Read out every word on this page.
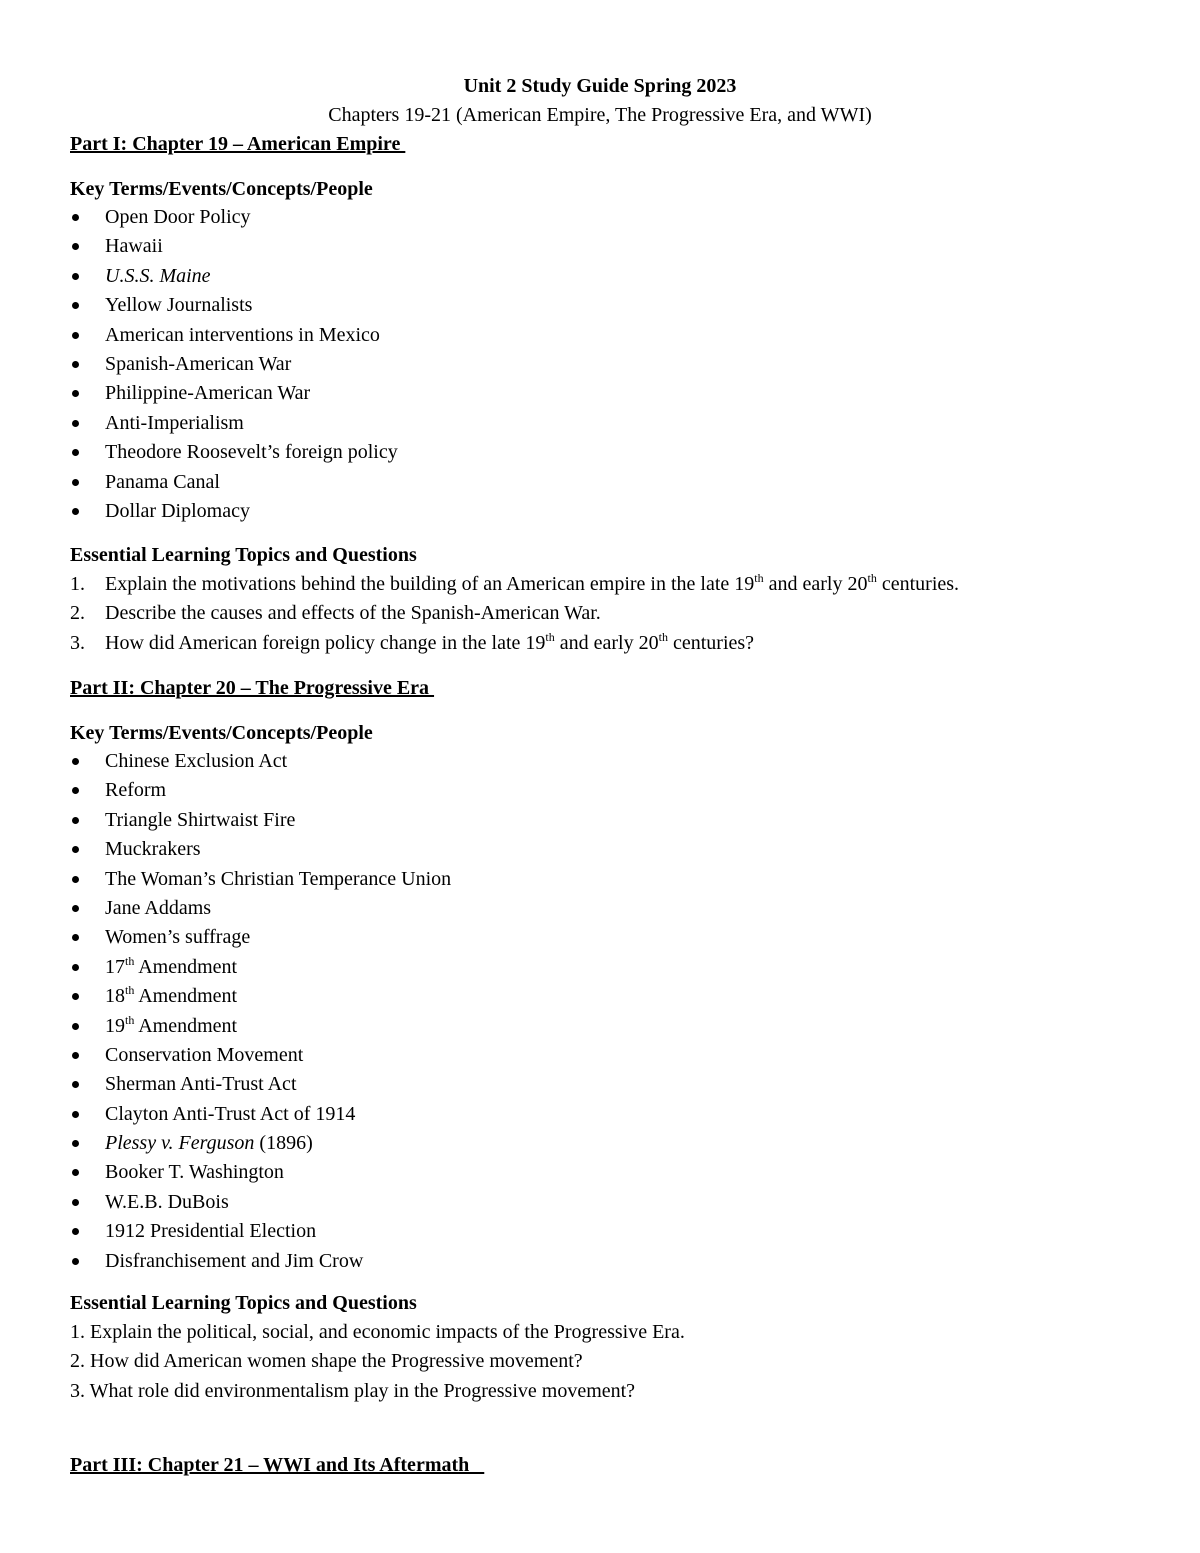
Unit 2 Study Guide Spring 2023
Chapters 19-21 (American Empire, The Progressive Era, and WWI)
Part I: Chapter 19 – American Empire
Key Terms/Events/Concepts/People
Open Door Policy
Hawaii
U.S.S. Maine
Yellow Journalists
American interventions in Mexico
Spanish-American War
Philippine-American War
Anti-Imperialism
Theodore Roosevelt’s foreign policy
Panama Canal
Dollar Diplomacy
Essential Learning Topics and Questions
1. Explain the motivations behind the building of an American empire in the late 19th and early 20th centuries.
2. Describe the causes and effects of the Spanish-American War.
3. How did American foreign policy change in the late 19th and early 20th centuries?
Part II: Chapter 20 – The Progressive Era
Key Terms/Events/Concepts/People
Chinese Exclusion Act
Reform
Triangle Shirtwaist Fire
Muckrakers
The Woman’s Christian Temperance Union
Jane Addams
Women’s suffrage
17th Amendment
18th Amendment
19th Amendment
Conservation Movement
Sherman Anti-Trust Act
Clayton Anti-Trust Act of 1914
Plessy v. Ferguson (1896)
Booker T. Washington
W.E.B. DuBois
1912 Presidential Election
Disfranchisement and Jim Crow
Essential Learning Topics and Questions
1. Explain the political, social, and economic impacts of the Progressive Era.
2. How did American women shape the Progressive movement?
3. What role did environmentalism play in the Progressive movement?
Part III: Chapter 21 – WWI and Its Aftermath
